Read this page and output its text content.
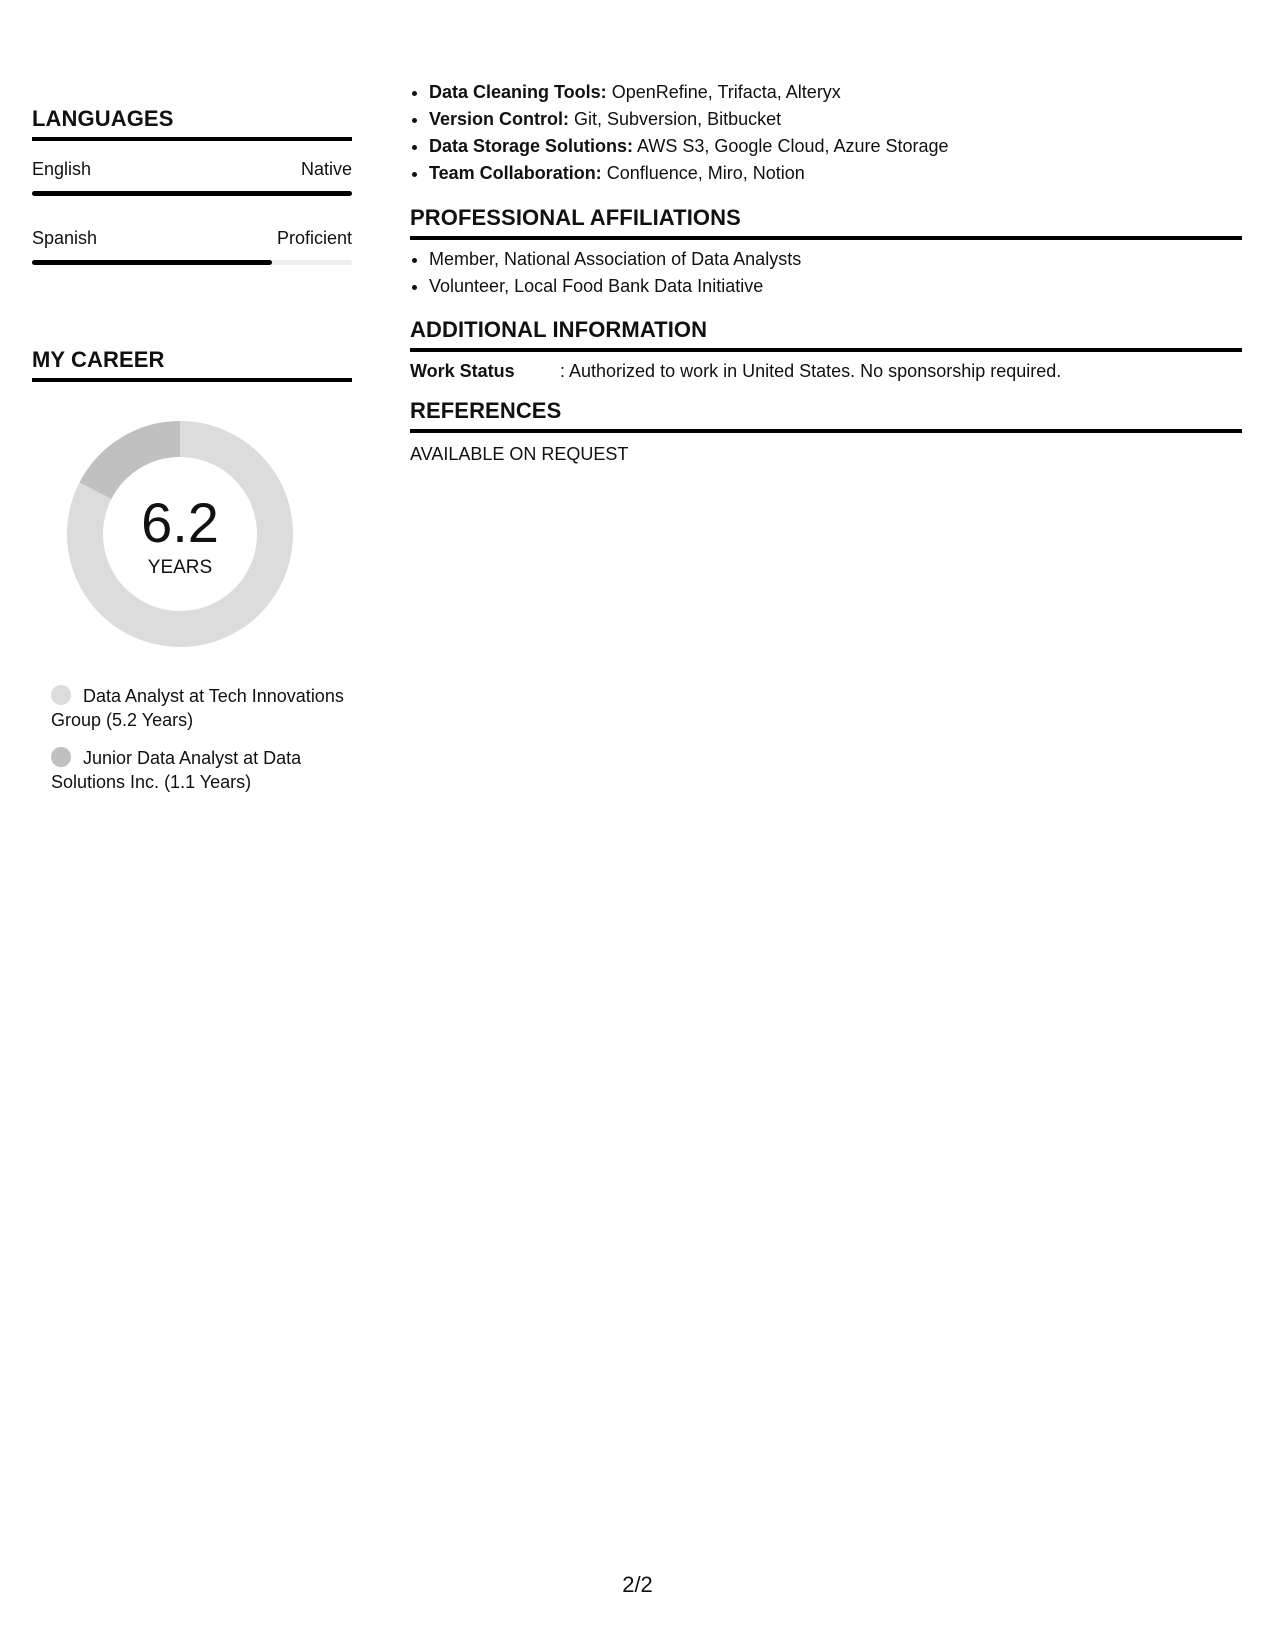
LANGUAGES
English	Native
Spanish	Proficient
MY CAREER
6.2
YEARS
Data Analyst at Tech Innovations Group (5.2 Years)
Junior Data Analyst at Data Solutions Inc. (1.1 Years)
• Data Cleaning Tools: OpenRefine, Trifacta, Alteryx
• Version Control: Git, Subversion, Bitbucket
• Data Storage Solutions: AWS S3, Google Cloud, Azure Storage
• Team Collaboration: Confluence, Miro, Notion
PROFESSIONAL AFFILIATIONS
• Member, National Association of Data Analysts
• Volunteer, Local Food Bank Data Initiative
ADDITIONAL INFORMATION
Work Status	: Authorized to work in United States. No sponsorship required.
REFERENCES
AVAILABLE ON REQUEST
2/2
